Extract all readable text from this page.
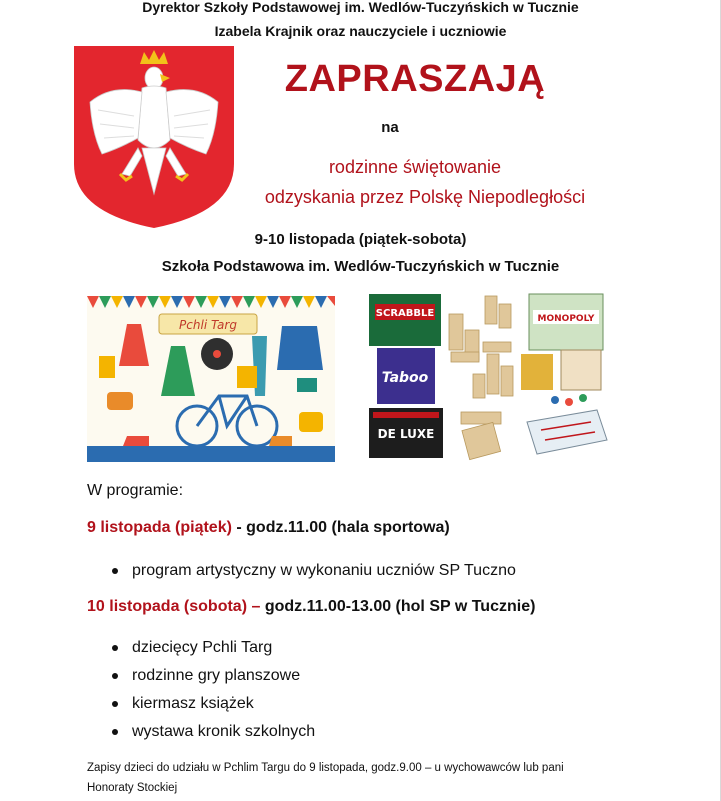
Dyrektor Szkoły Podstawowej im. Wedlów-Tuczyńskich w Tucznie
Izabela Krajnik oraz nauczyciele i uczniowie
ZAPRASZAJĄ
na
rodzinne świętowanie
odzyskania przez Polskę Niepodległości
9-10 listopada (piątek-sobota)
Szkoła Podstawowa im. Wedlów-Tuczyńskich w Tucznie
Pchli Targ
SCRABBLE
Taboo
DE LUXE
MONOPOLY
W programie:
9 listopada (piątek) - godz.11.00 (hala sportowa)
program artystyczny w wykonaniu uczniów SP Tuczno
10 listopada (sobota) – godz.11.00-13.00 (hol SP w Tucznie)
dziecięcy Pchli Targ
rodzinne gry planszowe
kiermasz książek
wystawa kronik szkolnych
Zapisy dzieci do udziału w Pchlim Targu do 9 listopada, godz.9.00 – u wychowawców lub pani Honoraty Stockiej
